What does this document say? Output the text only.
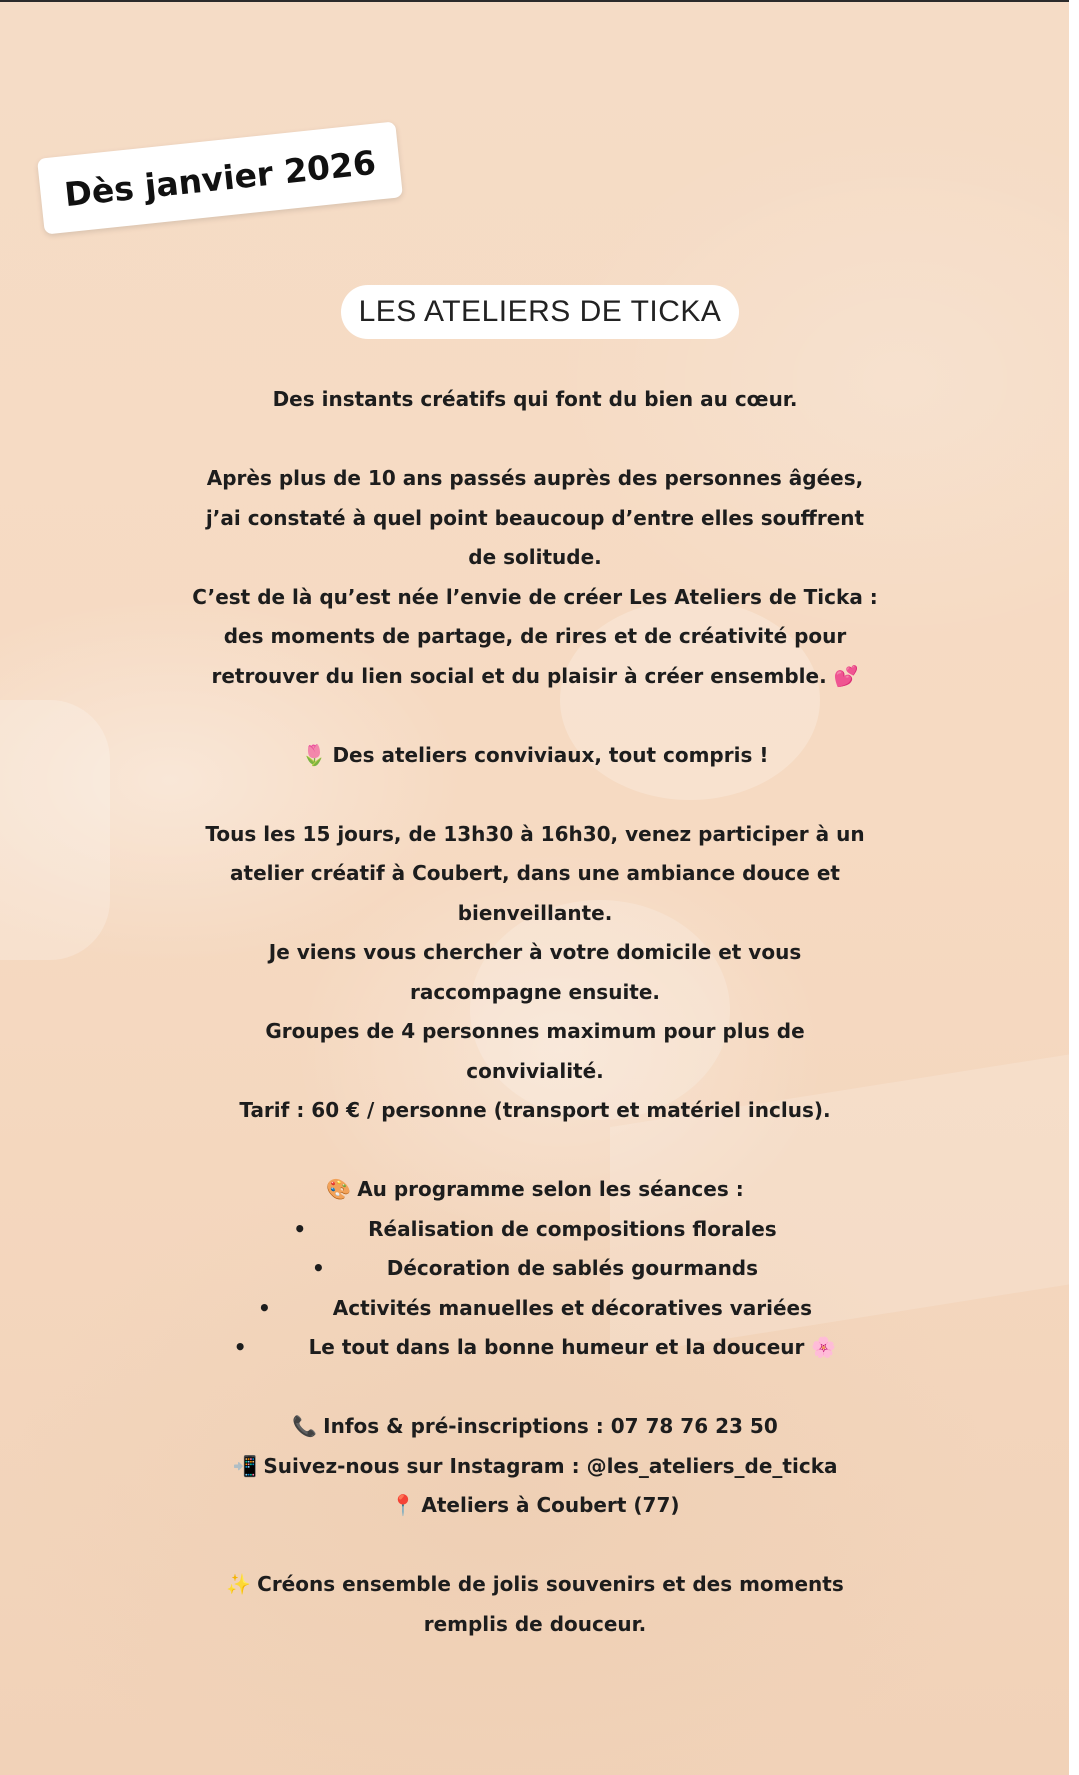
Dès janvier 2026
LES ATELIERS DE TICKA
Des instants créatifs qui font du bien au cœur.
Après plus de 10 ans passés auprès des personnes âgées,
j’ai constaté à quel point beaucoup d’entre elles souffrent
de solitude.
C’est de là qu’est née l’envie de créer Les Ateliers de Ticka :
des moments de partage, de rires et de créativité pour
retrouver du lien social et du plaisir à créer ensemble. 💕
🌷 Des ateliers conviviaux, tout compris !
Tous les 15 jours, de 13h30 à 16h30, venez participer à un
atelier créatif à Coubert, dans une ambiance douce et
bienveillante.
Je viens vous chercher à votre domicile et vous
raccompagne ensuite.
Groupes de 4 personnes maximum pour plus de
convivialité.
Tarif : 60 € / personne (transport et matériel inclus).
🎨 Au programme selon les séances :
•	Réalisation de compositions florales
•	Décoration de sablés gourmands
•	Activités manuelles et décoratives variées
•	Le tout dans la bonne humeur et la douceur 🌸
📞 Infos & pré-inscriptions : 07 78 76 23 50
📲 Suivez-nous sur Instagram : @les_ateliers_de_ticka
📍 Ateliers à Coubert (77)
✨ Créons ensemble de jolis souvenirs et des moments
remplis de douceur.
